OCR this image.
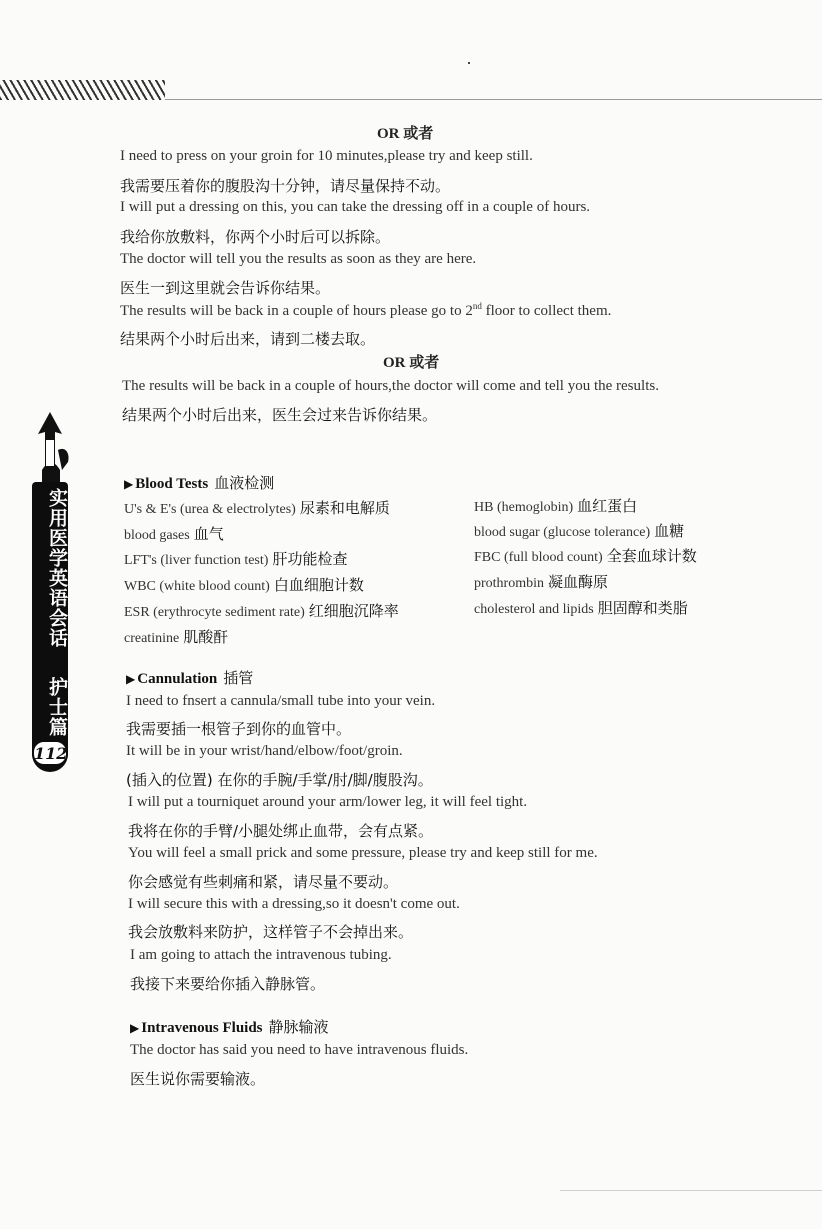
实用医学英语会话
护士篇
112
OR 或者
I need to press on your groin for 10 minutes,please try and keep still.
我需要压着你的腹股沟十分钟，请尽量保持不动。
I will put a dressing on this, you can take the dressing off in a couple of hours.
我给你放敷料，你两个小时后可以拆除。
The doctor will tell you the results as soon as they are here.
医生一到这里就会告诉你结果。
The results will be back in a couple of hours please go to 2nd floor to collect them.
结果两个小时后出来，请到二楼去取。
OR 或者
The results will be back in a couple of hours,the doctor will come and tell you the results.
结果两个小时后出来，医生会过来告诉你结果。
▶ Blood Tests 血液检测
U's & E's (urea & electrolytes) 尿素和电解质
blood gases 血气
LFT's (liver function test) 肝功能检查
WBC (white blood count) 白血细胞计数
ESR (erythrocyte sediment rate) 红细胞沉降率
creatinine 肌酸酐
HB (hemoglobin) 血红蛋白
blood sugar (glucose tolerance) 血糖
FBC (full blood count) 全套血球计数
prothrombin 凝血酶原
cholesterol and lipids 胆固醇和类脂
▶ Cannulation 插管
I need to fnsert a cannula/small tube into your vein.
我需要插一根管子到你的血管中。
It will be in your wrist/hand/elbow/foot/groin.
(插入的位置) 在你的手腕/手掌/肘/脚/腹股沟。
I will put a tourniquet around your arm/lower leg, it will feel tight.
我将在你的手臂/小腿处绑止血带，会有点紧。
You will feel a small prick and some pressure, please try and keep still for me.
你会感觉有些刺痛和紧，请尽量不要动。
I will secure this with a dressing,so it doesn't come out.
我会放敷料来防护，这样管子不会掉出来。
I am going to attach the intravenous tubing.
我接下来要给你插入静脉管。
▶ Intravenous Fluids 静脉输液
The doctor has said you need to have intravenous fluids.
医生说你需要输液。
